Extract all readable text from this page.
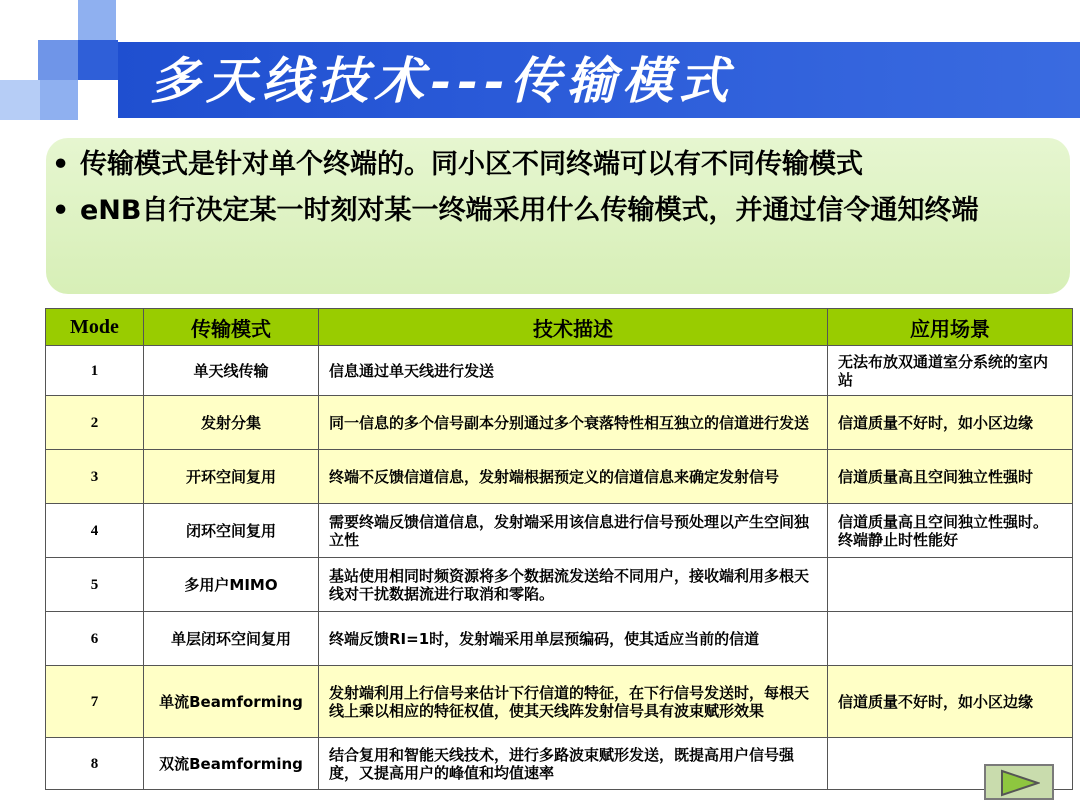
多天线技术---传输模式
• 传输模式是针对单个终端的。同小区不同终端可以有不同传输模式
• eNB自行决定某一时刻对某一终端采用什么传输模式，并通过信令通知终端
Mode	传输模式	技术描述	应用场景
1	单天线传输	信息通过单天线进行发送	无法布放双通道室分系统的室内站
2	发射分集	同一信息的多个信号副本分别通过多个衰落特性相互独立的信道进行发送	信道质量不好时，如小区边缘
3	开环空间复用	终端不反馈信道信息，发射端根据预定义的信道信息来确定发射信号	信道质量高且空间独立性强时
4	闭环空间复用	需要终端反馈信道信息，发射端采用该信息进行信号预处理以产生空间独立性	信道质量高且空间独立性强时。终端静止时性能好
5	多用户MIMO	基站使用相同时频资源将多个数据流发送给不同用户，接收端利用多根天线对干扰数据流进行取消和零陷。	
6	单层闭环空间复用	终端反馈RI=1时，发射端采用单层预编码，使其适应当前的信道	
7	单流Beamforming	发射端利用上行信号来估计下行信道的特征，在下行信号发送时，每根天线上乘以相应的特征权值，使其天线阵发射信号具有波束赋形效果	信道质量不好时，如小区边缘
8	双流Beamforming	结合复用和智能天线技术，进行多路波束赋形发送，既提高用户信号强度，又提高用户的峰值和均值速率	
